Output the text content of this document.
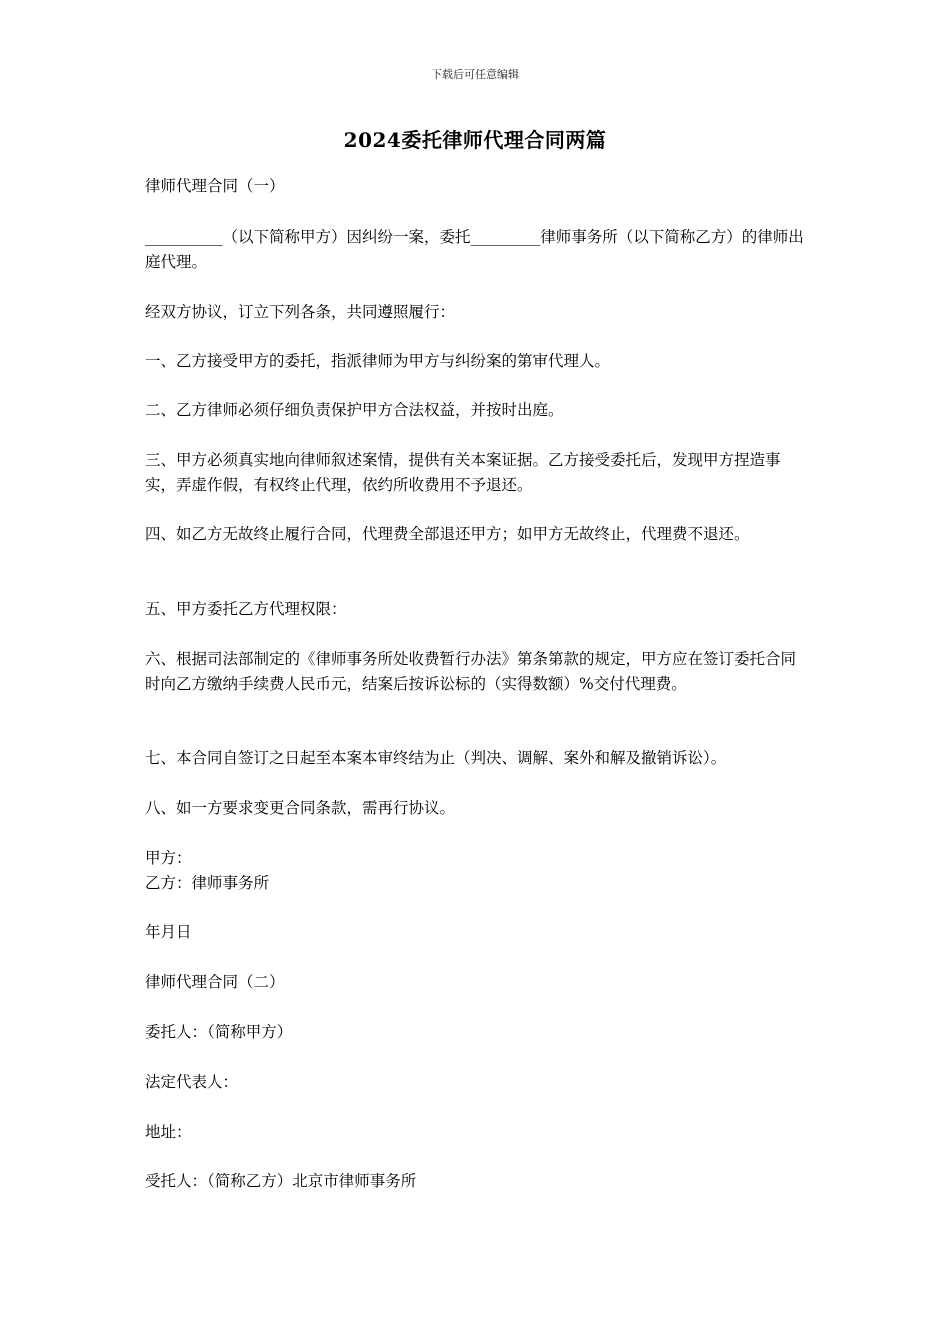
下载后可任意编辑
2024委托律师代理合同两篇

律师代理合同（一）

__________（以下简称甲方）因纠纷一案，委托_________律师事务所（以下简称乙方）的律师出庭代理。

经双方协议，订立下列各条，共同遵照履行：

一、乙方接受甲方的委托，指派律师为甲方与纠纷案的第审代理人。

二、乙方律师必须仔细负责保护甲方合法权益，并按时出庭。

三、甲方必须真实地向律师叙述案情，提供有关本案证据。乙方接受委托后，发现甲方捏造事实，弄虚作假，有权终止代理，依约所收费用不予退还。

四、如乙方无故终止履行合同，代理费全部退还甲方；如甲方无故终止，代理费不退还。

五、甲方委托乙方代理权限：

六、根据司法部制定的《律师事务所处收费暂行办法》第条第款的规定，甲方应在签订委托合同时向乙方缴纳手续费人民币元，结案后按诉讼标的（实得数额）%交付代理费。

七、本合同自签订之日起至本案本审终结为止（判决、调解、案外和解及撤销诉讼）。

八、如一方要求变更合同条款，需再行协议。

甲方：

乙方：律师事务所

年月日

律师代理合同（二）

委托人：（简称甲方）

法定代表人：

地址：

受托人：（简称乙方）北京市律师事务所
